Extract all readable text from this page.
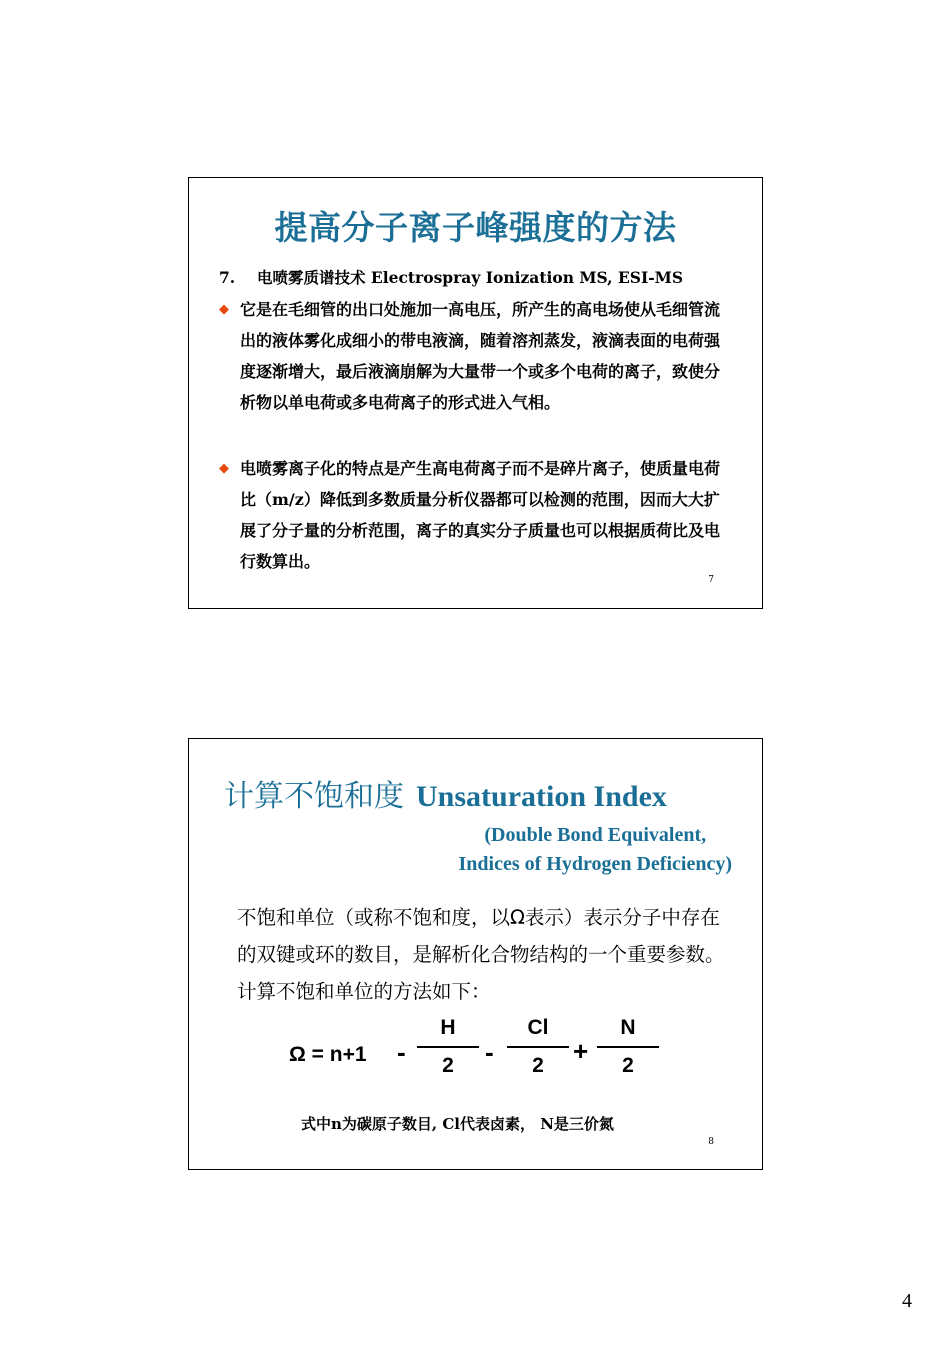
提高分子离子峰强度的方法
7. 电喷雾质谱技术 Electrospray Ionization MS, ESI-MS
◆ 它是在毛细管的出口处施加一高电压，所产生的高电场使从毛细管流出的液体雾化成细小的带电液滴，随着溶剂蒸发，液滴表面的电荷强度逐渐增大，最后液滴崩解为大量带一个或多个电荷的离子，致使分析物以单电荷或多电荷离子的形式进入气相。
◆ 电喷雾离子化的特点是产生高电荷离子而不是碎片离子，使质量电荷比（m/z）降低到多数质量分析仪器都可以检测的范围，因而大大扩展了分子量的分析范围，离子的真实分子质量也可以根据质荷比及电行数算出。
7
计算不饱和度 Unsaturation Index
(Double Bond Equivalent,
Indices of Hydrogen Deficiency)
不饱和单位（或称不饱和度，以Ω表示）表示分子中存在的双键或环的数目，是解析化合物结构的一个重要参数。计算不饱和单位的方法如下：
Ω = n+1 -
H
2	-
Cl
2	+
N
2
式中n为碳原子数目, Cl代表卤素， N是三价氮
8
4
